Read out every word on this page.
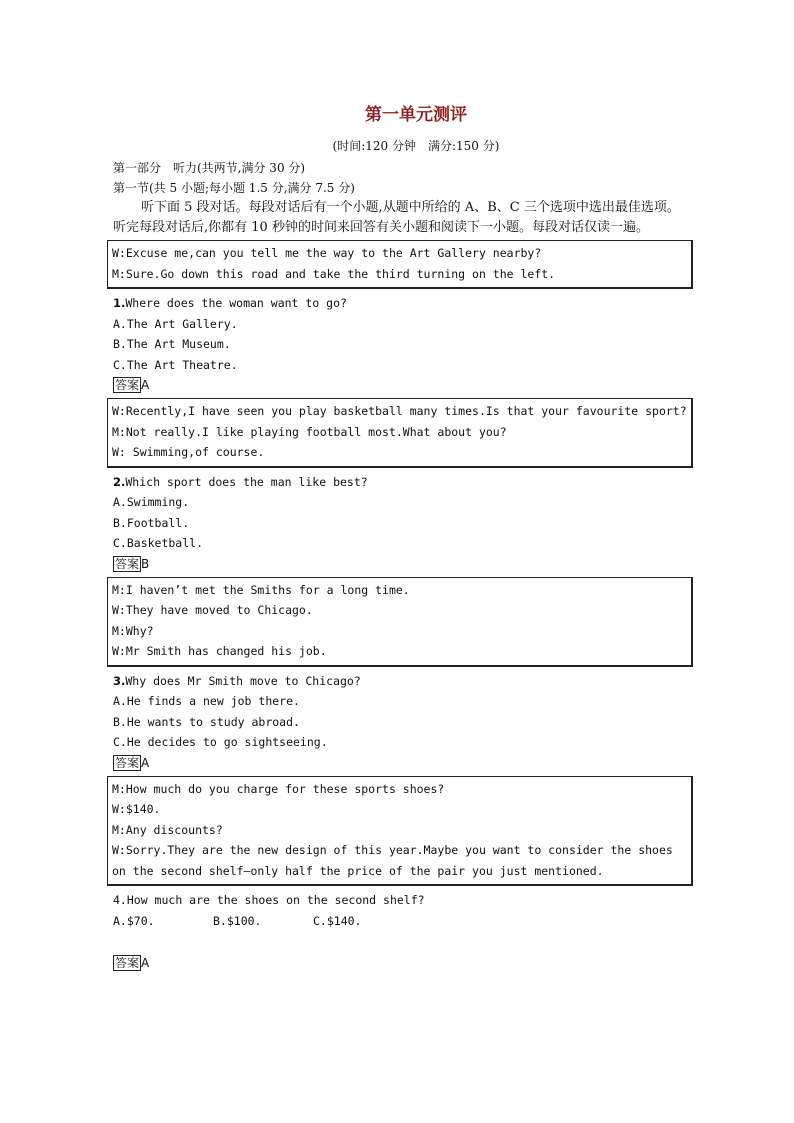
第一单元测评
(时间:120 分钟　满分:150 分)
第一部分　听力(共两节,满分 30 分)
第一节(共 5 小题;每小题 1.5 分,满分 7.5 分)
听下面 5 段对话。每段对话后有一个小题,从题中所给的 A、B、C 三个选项中选出最佳选项。听完每段对话后,你都有 10 秒钟的时间来回答有关小题和阅读下一小题。每段对话仅读一遍。
W:Excuse me,can you tell me the way to the Art Gallery nearby?
M:Sure.Go down this road and take the third turning on the left.
1.Where does the woman want to go?
A.The Art Gallery.
B.The Art Museum.
C.The Art Theatre.
答案 A
W:Recently,I have seen you play basketball many times.Is that your favourite sport?
M:Not really.I like playing football most.What about you?
W: Swimming,of course.
2.Which sport does the man like best?
A.Swimming.
B.Football.
C.Basketball.
答案 B
M:I haven’t met the Smiths for a long time.
W:They have moved to Chicago.
M:Why?
W:Mr Smith has changed his job.
3.Why does Mr Smith move to Chicago?
A.He finds a new job there.
B.He wants to study abroad.
C.He decides to go sightseeing.
答案 A
M:How much do you charge for these sports shoes?
W:$140.
M:Any discounts?
W:Sorry.They are the new design of this year.Maybe you want to consider the shoes on the second shelf—only half the price of the pair you just mentioned.
4.How much are the shoes on the second shelf?
A.$70.	B.$100.	C.$140.
答案 A
